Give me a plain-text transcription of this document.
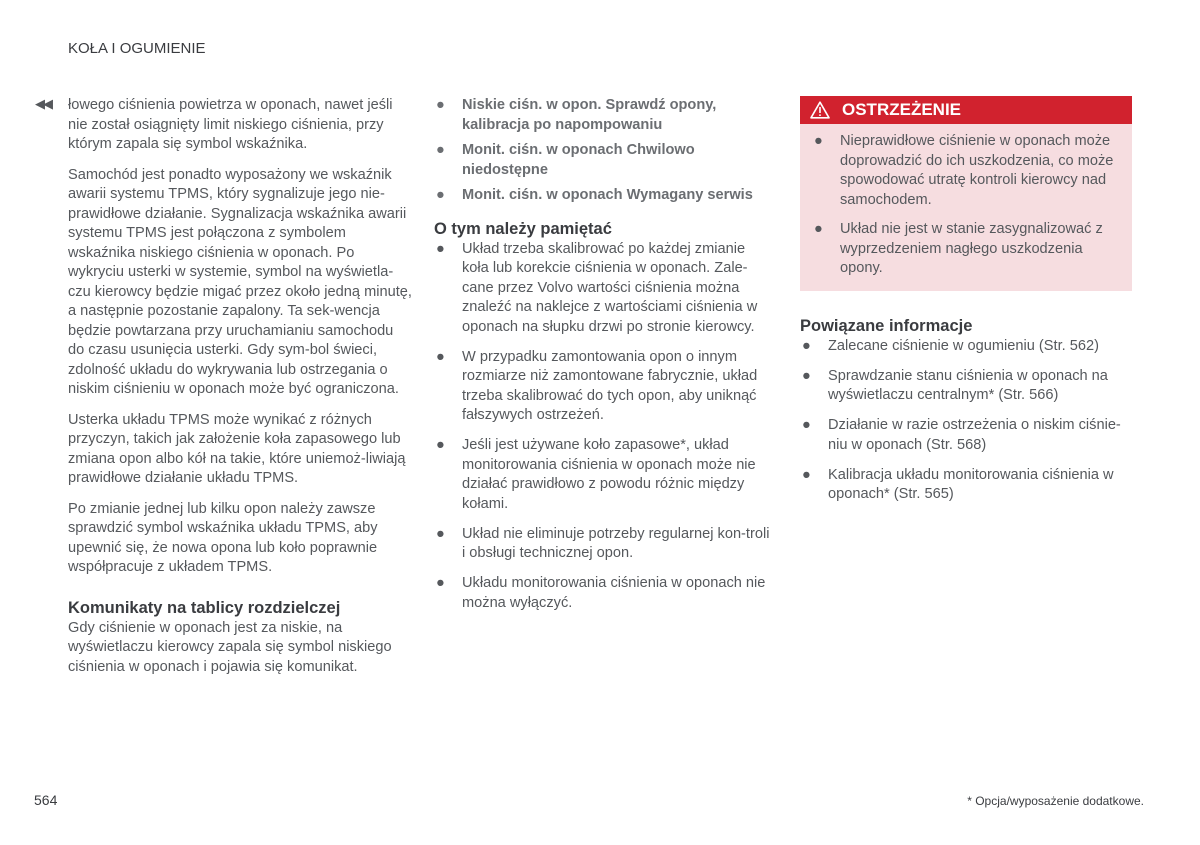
KOŁA I OGUMIENIE
◀◀ łowego ciśnienia powietrza w oponach, nawet jeśli nie został osiągnięty limit niskiego ciśnienia, przy którym zapala się symbol wskaźnika.

Samochód jest ponadto wyposażony we wskaźnik awarii systemu TPMS, który sygnalizuje jego nie-prawidłowe działanie. Sygnalizacja wskaźnika awarii systemu TPMS jest połączona z symbolem wskaźnika niskiego ciśnienia w oponach. Po wykryciu usterki w systemie, symbol na wyświetla-czu kierowcy będzie migać przez około jedną minutę, a następnie pozostanie zapalony. Ta sek-wencja będzie powtarzana przy uruchamianiu samochodu do czasu usunięcia usterki. Gdy sym-bol świeci, zdolność układu do wykrywania lub ostrzegania o niskim ciśnieniu w oponach może być ograniczona.

Usterka układu TPMS może wynikać z różnych przyczyn, takich jak założenie koła zapasowego lub zmiana opon albo kół na takie, które uniemoż-liwiają prawidłowe działanie układu TPMS.

Po zmianie jednej lub kilku opon należy zawsze sprawdzić symbol wskaźnika układu TPMS, aby upewnić się, że nowa opona lub koło poprawnie współpracuje z układem TPMS.

Komunikaty na tablicy rozdzielczej

Gdy ciśnienie w oponach jest za niskie, na wyświetlaczu kierowcy zapala się symbol niskiego ciśnienia w oponach i pojawia się komunikat.

● Niskie ciśn. w opon. Sprawdź opony, kalibracja po napompowaniu
● Monit. ciśn. w oponach Chwilowo niedostępne
● Monit. ciśn. w oponach Wymagany serwis
O tym należy pamiętać
● Układ trzeba skalibrować po każdej zmianie koła lub korekcie ciśnienia w oponach. Zale-cane przez Volvo wartości ciśnienia można znaleźć na naklejce z wartościami ciśnienia w oponach na słupku drzwi po stronie kierowcy.
● W przypadku zamontowania opon o innym rozmiarze niż zamontowane fabrycznie, układ trzeba skalibrować do tych opon, aby uniknąć fałszywych ostrzeżeń.
● Jeśli jest używane koło zapasowe*, układ monitorowania ciśnienia w oponach może nie działać prawidłowo z powodu różnic między kołami.
● Układ nie eliminuje potrzeby regularnej kon-troli i obsługi technicznej opon.
● Układu monitorowania ciśnienia w oponach nie można wyłączyć.
OSTRZEŻENIE
● Nieprawidłowe ciśnienie w oponach może doprowadzić do ich uszkodzenia, co może spowodować utratę kontroli kierowcy nad samochodem.
● Układ nie jest w stanie zasygnalizować z wyprzedzeniem nagłego uszkodzenia opony.
Powiązane informacje
● Zalecane ciśnienie w ogumieniu (Str. 562)
● Sprawdzanie stanu ciśnienia w oponach na wyświetlaczu centralnym* (Str. 566)
● Działanie w razie ostrzeżenia o niskim ciśnie-niu w oponach (Str. 568)
● Kalibracja układu monitorowania ciśnienia w oponach* (Str. 565)
564	* Opcja/wyposażenie dodatkowe.
